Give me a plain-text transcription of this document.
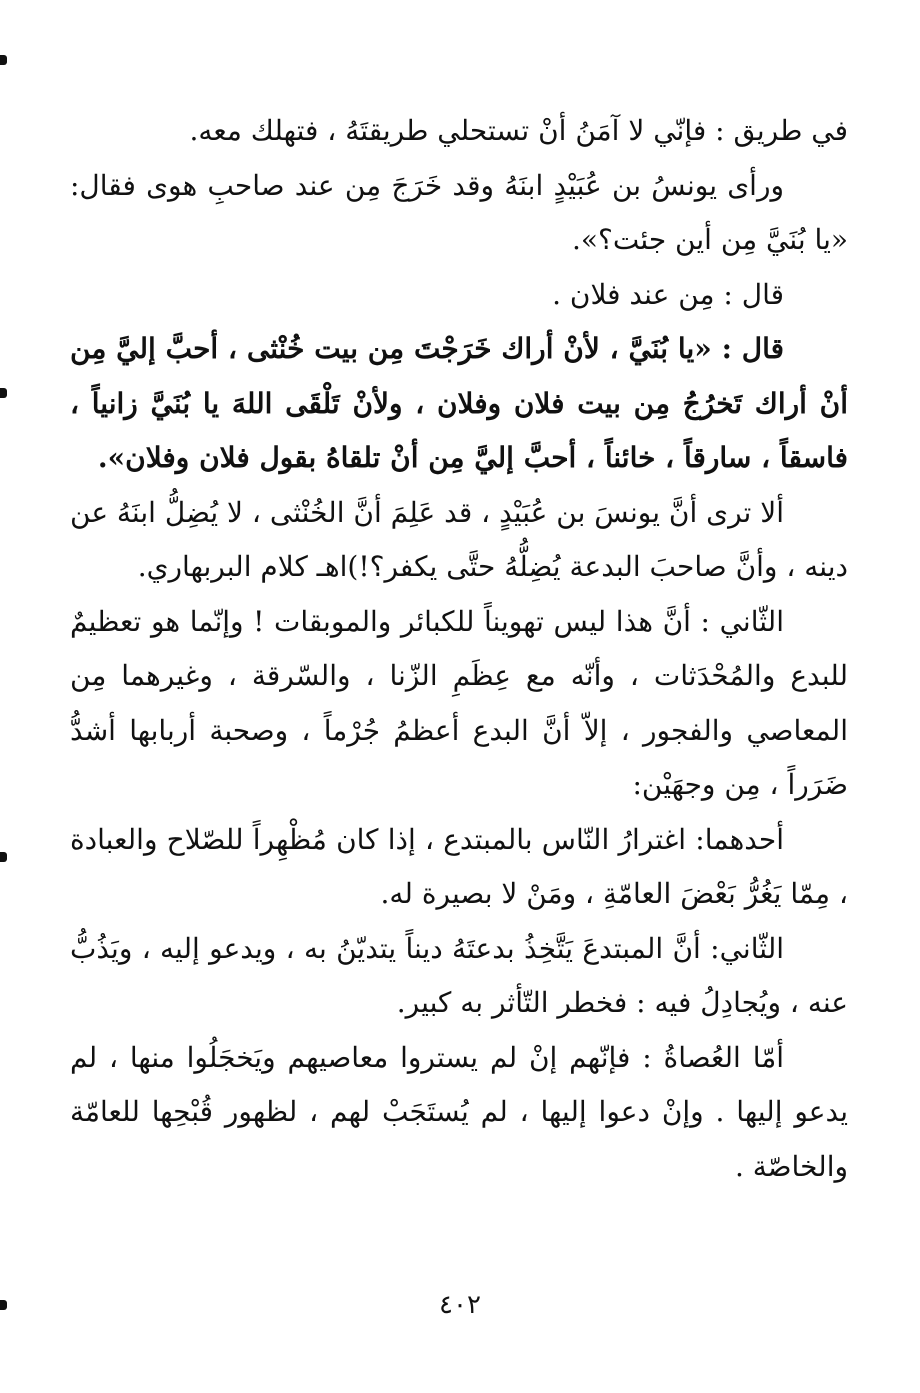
في طريق : فإنّي لا آمَنُ أنْ تستحلي طريقتَهُ ، فتهلك معه.

ورأى يونسُ بن عُبَيْدٍ ابنَهُ وقد خَرَجَ مِن عند صاحبِ هوى فقال: «يا بُنَيَّ مِن أين جئت؟».

قال : مِن عند فلان .

قال : «يا بُنَيَّ ، لأنْ أراك خَرَجْتَ مِن بيت خُنْثى ، أحبَّ إليَّ مِن أنْ أراك تَخرُجُ مِن بيت فلان وفلان ، ولأنْ تَلْقَى اللهَ يا بُنَيَّ زانياً ، فاسقاً ، سارقاً ، خائناً ، أحبَّ إليَّ مِن أنْ تلقاهُ بقول فلان وفلان».

ألا ترى أنَّ يونسَ بن عُبَيْدٍ ، قد عَلِمَ أنَّ الخُنْثى ، لا يُضِلُّ ابنَهُ عن دينه ، وأنَّ صاحبَ البدعة يُضِلُّهُ حتَّى يكفر؟!)اهـ كلام البربهاري.

الثّاني : أنَّ هذا ليس تهويناً للكبائر والموبقات ! وإنّما هو تعظيمٌ للبدع والمُحْدَثات ، وأنّه مع عِظَمِ الزّنا ، والسّرقة ، وغيرهما مِن المعاصي والفجور ، إلاّ أنَّ البدع أعظمُ جُرْماً ، وصحبة أربابها أشدُّ ضَرَراً ، مِن وجهَيْن:

أحدهما: اغترارُ النّاس بالمبتدع ، إذا كان مُظْهِراً للصّلاح والعبادة ، مِمّا يَغُرُّ بَعْضَ العامّةِ ، ومَنْ لا بصيرة له.

الثّاني: أنَّ المبتدعَ يَتَّخِذُ بدعتَهُ ديناً يتديّنُ به ، ويدعو إليه ، ويَذُبُّ عنه ، ويُجادِلُ فيه : فخطر التّأثر به كبير.

أمّا العُصاةُ : فإنّهم إنْ لم يستروا معاصيهم ويَخجَلُوا منها ، لم يدعو إليها . وإنْ دعوا إليها ، لم يُستَجَبْ لهم ، لظهور قُبْحِها للعامّة والخاصّة .

٤٠٢
